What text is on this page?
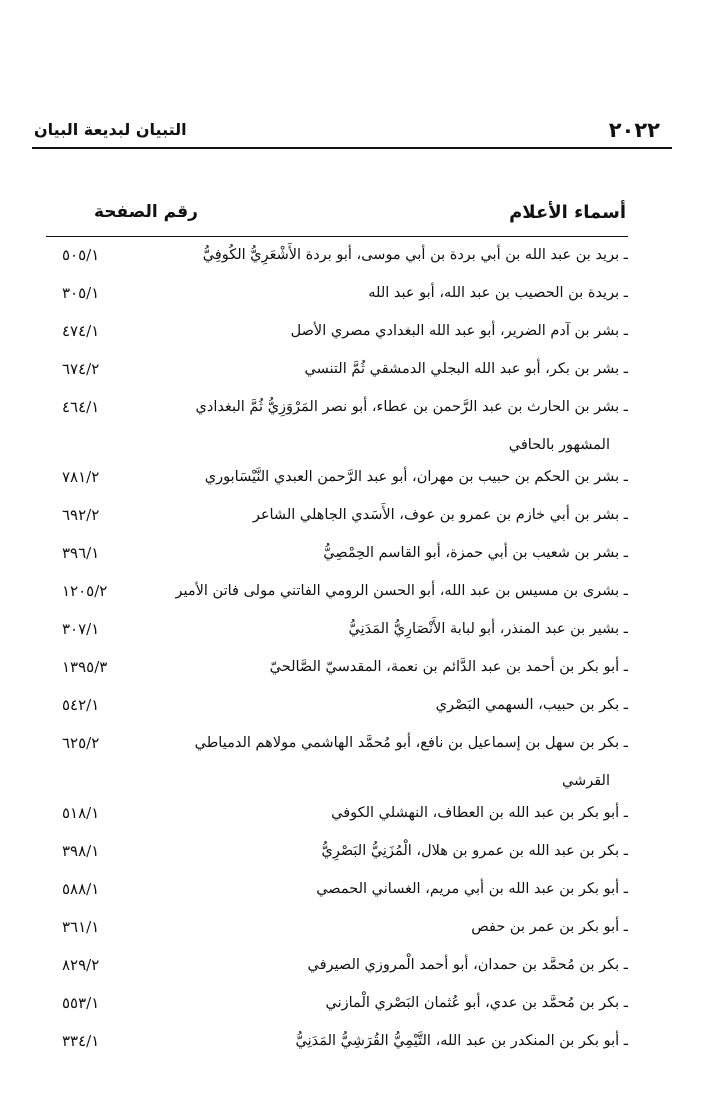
٢٠٢٢
التبيان لبديعة البيان
أسماء الأعلام
رقم الصفحة
ـ بريد بن عبد الله بن أبي بردة بن أبي موسى، أبو بردة الأَشْعَرِيُّ الكُوفِيُّ
٥٠٥/١
ـ بريدة بن الحصيب بن عبد الله، أبو عبد الله
٣٠٥/١
ـ بشر بن آدم الضرير، أبو عبد الله البغدادي مصري الأصل
٤٧٤/١
ـ بشر بن بكر، أبو عبد الله البجلي الدمشقي ثُمَّ التنسي
٦٧٤/٢
ـ بشر بن الحارث بن عبد الرَّحمن بن عطاء، أبو نصر المَرْوَزِيُّ ثُمَّ البغدادي
المشهور بالحافي
٤٦٤/١
ـ بشر بن الحكم بن حبيب بن مهران، أبو عبد الرَّحمن العبدي النَّيْسَابوري
٧٨١/٢
ـ بشر بن أبي خازم بن عمرو بن عوف، الأَسَدي الجاهلي الشاعر
٦٩٢/٢
ـ بشر بن شعيب بن أبي حمزة، أبو القاسم الحِمْصِيُّ
٣٩٦/١
ـ بشرى بن مسيس بن عبد الله، أبو الحسن الرومي الفاتني مولى فاتن الأمير
١٢٠٥/٢
ـ بشير بن عبد المنذر، أبو لبابة الأَنْصَارِيُّ المَدَنِيُّ
٣٠٧/١
ـ أبو بكر بن أحمد بن عبد الدَّائم بن نعمة، المقدسيّ الصَّالحيّ
١٣٩٥/٣
ـ بكر بن حبيب، السهمي البَصْري
٥٤٢/١
ـ بكر بن سهل بن إسماعيل بن نافع، أبو مُحمَّد الهاشمي مولاهم الدمياطي
القرشي
٦٢٥/٢
ـ أبو بكر بن عبد الله بن العطاف، النهشلي الكوفي
٥١٨/١
ـ بكر بن عبد الله بن عمرو بن هلال، الْمُزَنِيُّ البَصْرِيُّ
٣٩٨/١
ـ أبو بكر بن عبد الله بن أبي مريم، الغساني الحمصي
٥٨٨/١
ـ أبو بكر بن عمر بن حفص
٣٦١/١
ـ بكر بن مُحمَّد بن حمدان، أبو أحمد الْمروزي الصيرفي
٨٢٩/٢
ـ بكر بن مُحمَّد بن عدي، أبو عُثمان البَصْري الْمازني
٥٥٣/١
ـ أبو بكر بن المنكدر بن عبد الله، التَّيْمِيُّ القُرَشِيُّ المَدَنِيُّ
٣٣٤/١
